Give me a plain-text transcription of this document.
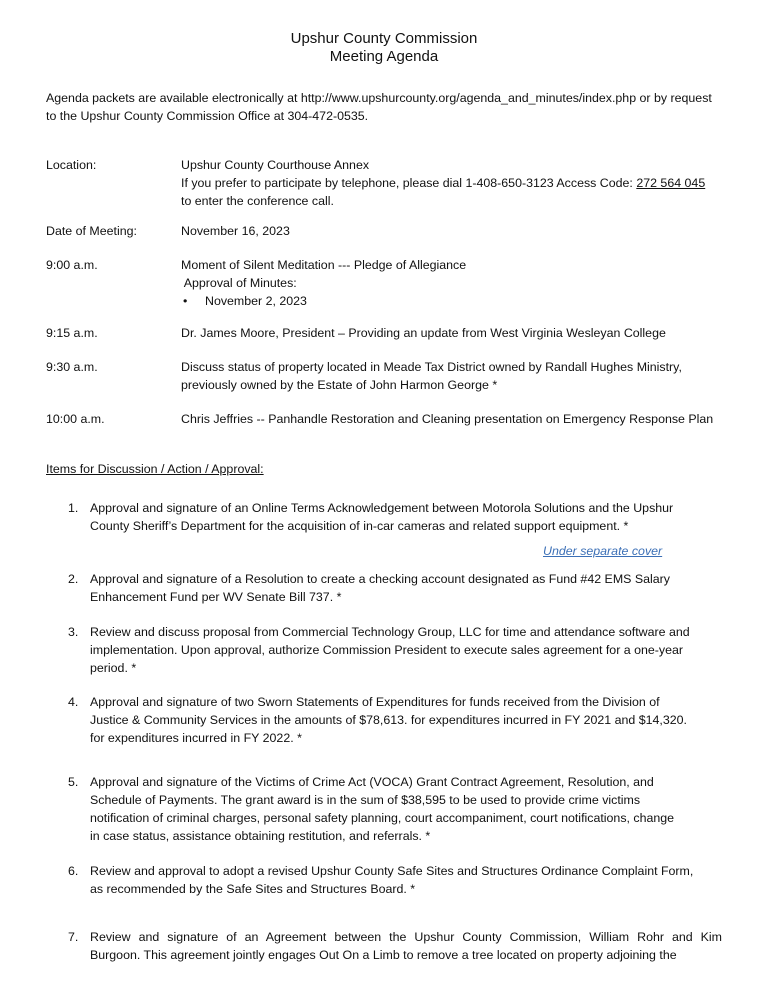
Upshur County Commission
Meeting Agenda
Agenda packets are available electronically at http://www.upshurcounty.org/agenda_and_minutes/index.php or by request
to the Upshur County Commission Office at 304-472-0535.
Location:	Upshur County Courthouse Annex
If you prefer to participate by telephone, please dial 1-408-650-3123 Access Code: 272 564 045
to enter the conference call.
Date of Meeting:	November 16, 2023
9:00 a.m.	Moment of Silent Meditation --- Pledge of Allegiance
Approval of Minutes:
•	November 2, 2023
9:15 a.m.	Dr. James Moore, President – Providing an update from West Virginia Wesleyan College
9:30 a.m.	Discuss status of property located in Meade Tax District owned by Randall Hughes Ministry,
previously owned by the Estate of John Harmon George *
10:00 a.m.	Chris Jeffries -- Panhandle Restoration and Cleaning presentation on Emergency Response Plan
Items for Discussion / Action / Approval:
1. Approval and signature of an Online Terms Acknowledgement between Motorola Solutions and the Upshur
County Sheriff’s Department for the acquisition of in-car cameras and related support equipment. *
Under separate cover
2. Approval and signature of a Resolution to create a checking account designated as Fund #42 EMS Salary
Enhancement Fund per WV Senate Bill 737. *
3. Review and discuss proposal from Commercial Technology Group, LLC for time and attendance software and
implementation. Upon approval, authorize Commission President to execute sales agreement for a one-year
period. *
4. Approval and signature of two Sworn Statements of Expenditures for funds received from the Division of
Justice & Community Services in the amounts of $78,613. for expenditures incurred in FY 2021 and $14,320.
for expenditures incurred in FY 2022. *
5. Approval and signature of the Victims of Crime Act (VOCA) Grant Contract Agreement, Resolution, and
Schedule of Payments. The grant award is in the sum of $38,595 to be used to provide crime victims
notification of criminal charges, personal safety planning, court accompaniment, court notifications, change
in case status, assistance obtaining restitution, and referrals. *
6. Review and approval to adopt a revised Upshur County Safe Sites and Structures Ordinance Complaint Form,
as recommended by the Safe Sites and Structures Board. *
7. Review and signature of an Agreement between the Upshur County Commission, William Rohr and Kim
Burgoon. This agreement jointly engages Out On a Limb to remove a tree located on property adjoining the
